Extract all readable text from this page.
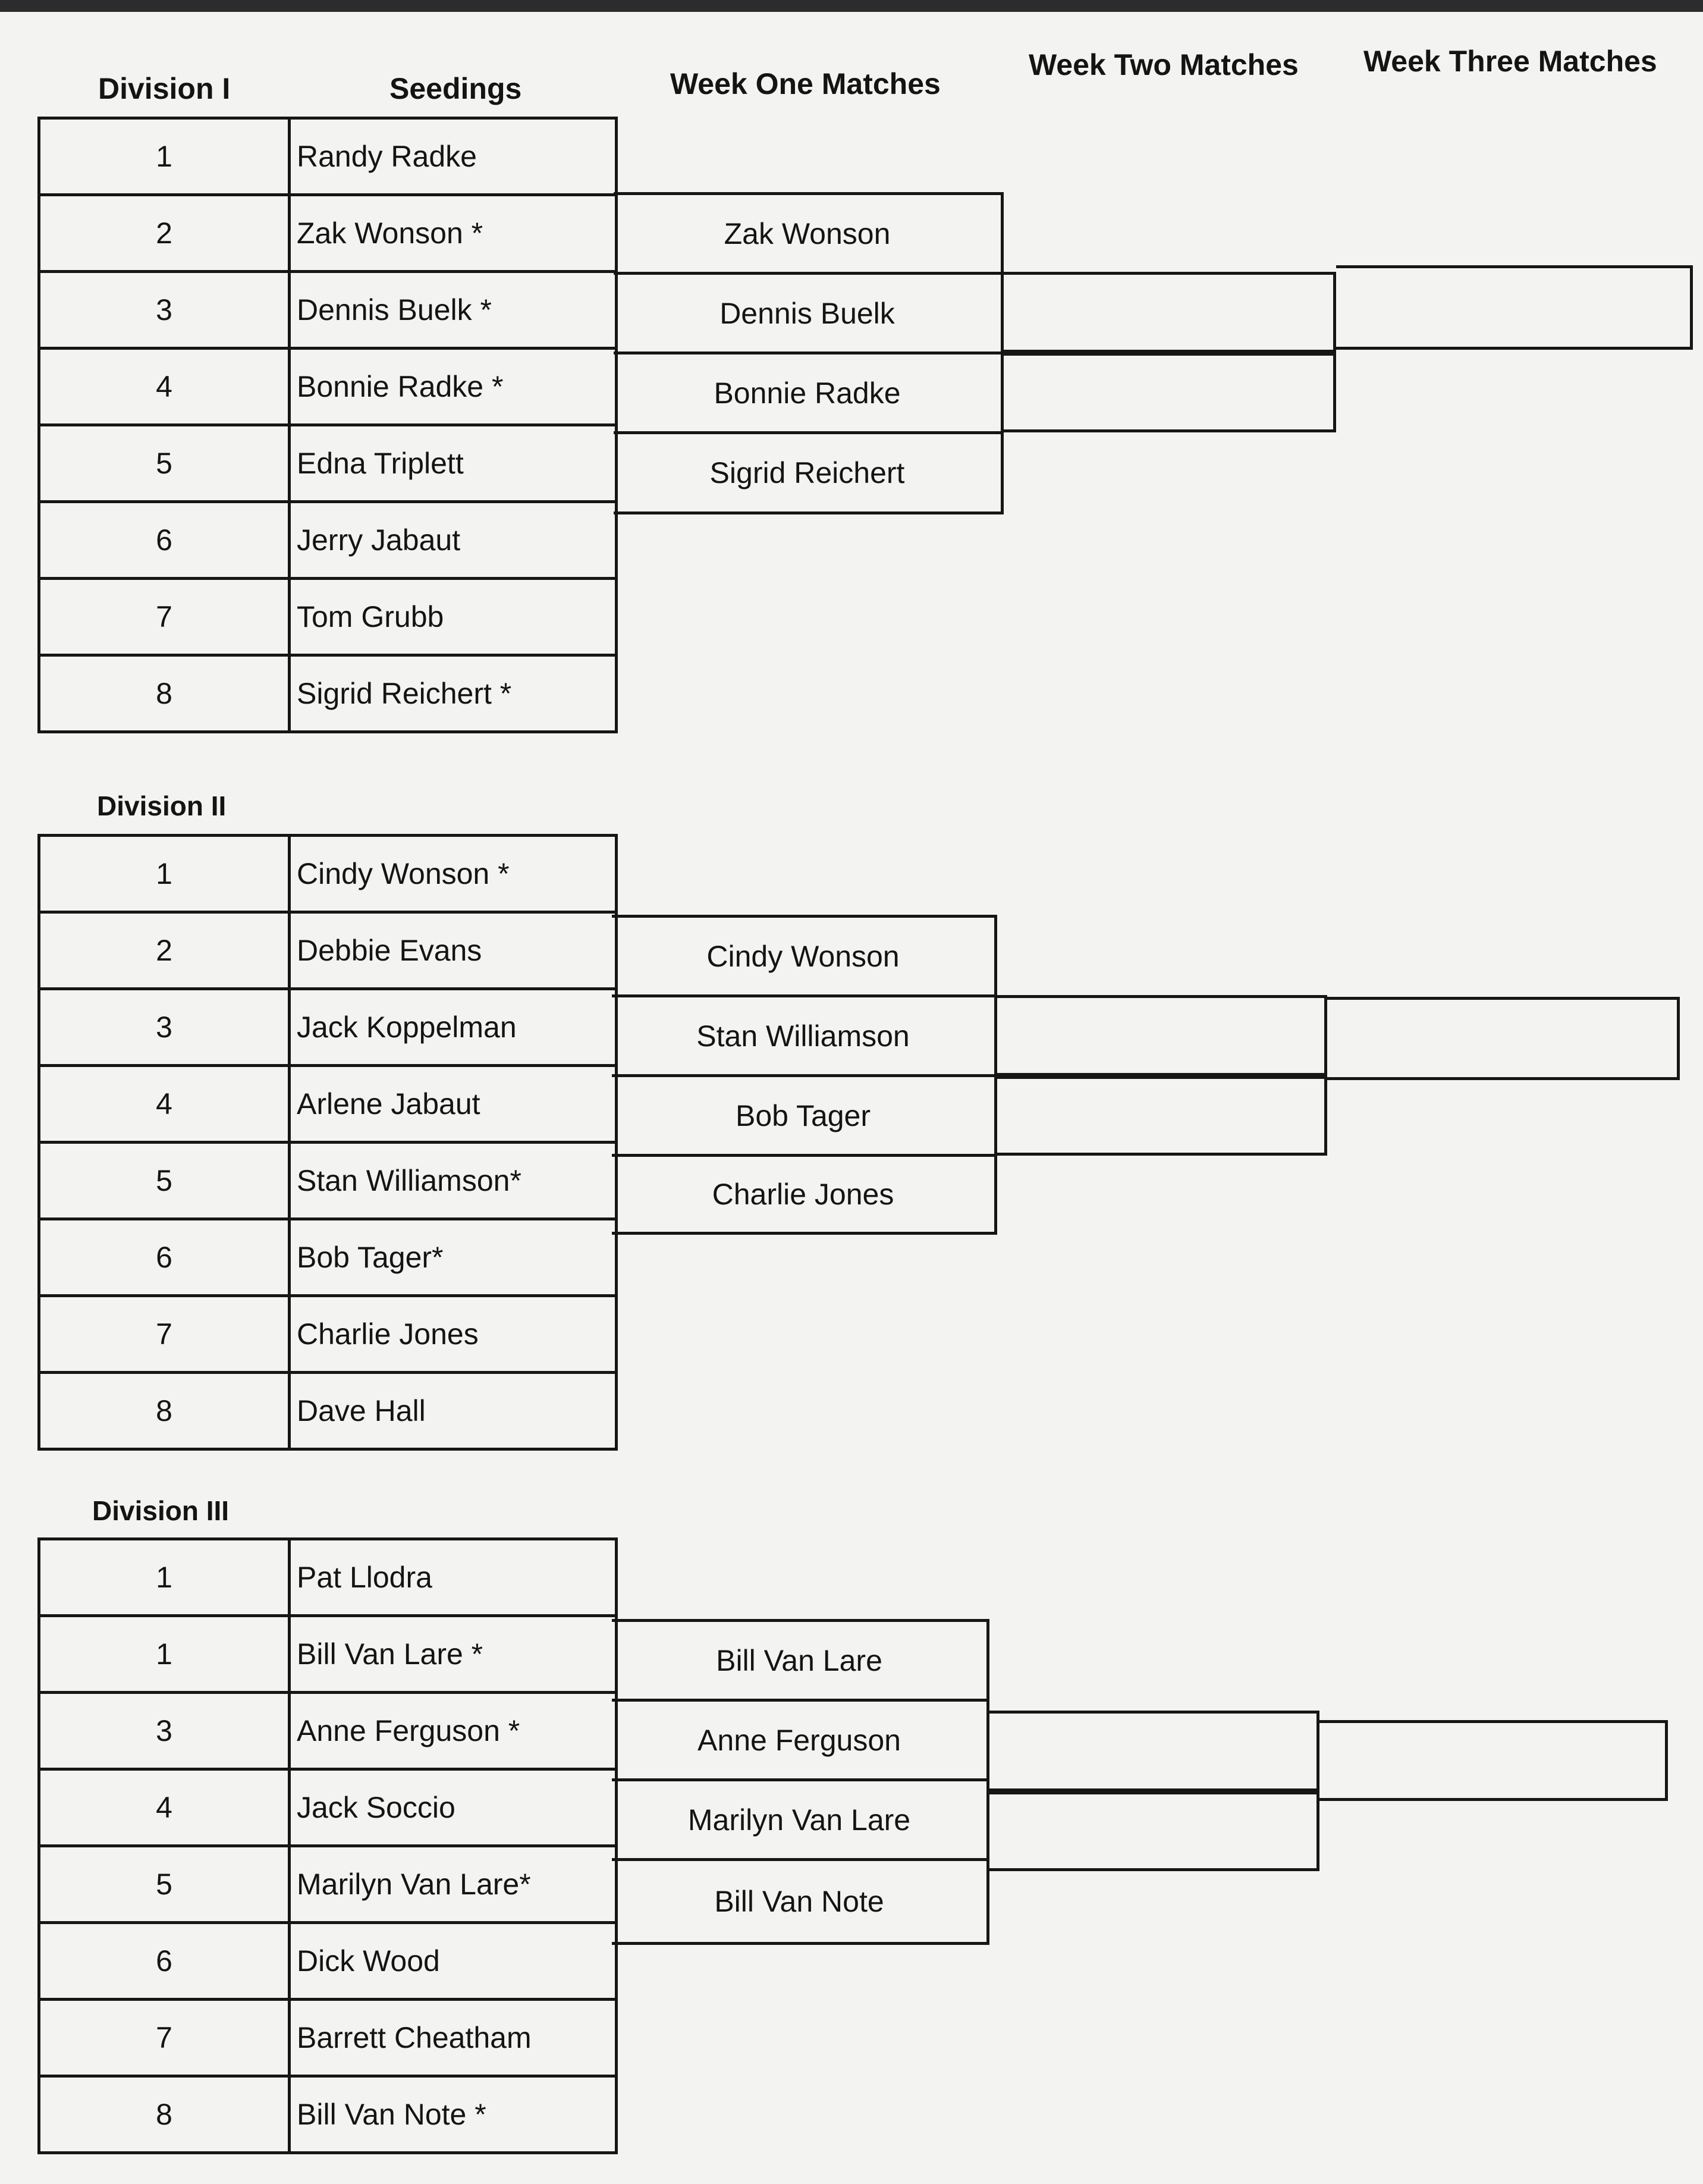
Division I	Seedings	Week One Matches
Week Two Matches Week Three Matches
1	Randy Radke
2	Zak Wonson *
3	Dennis Buelk *
4	Bonnie Radke *
5	Edna Triplett
6	Jerry Jabaut
7	Tom Grubb
8	Sigrid Reichert *
Zak Wonson
Dennis Buelk
Bonnie Radke
Sigrid Reichert
Division II
1	Cindy Wonson *
2	Debbie Evans
3	Jack Koppelman
4	Arlene Jabaut
5	Stan Williamson*
6	Bob Tager*
7	Charlie Jones
8	Dave Hall
Cindy Wonson
Stan Williamson
Bob Tager
Charlie Jones
Division III
1	Pat Llodra
1	Bill Van Lare *
3	Anne Ferguson *
4	Jack Soccio
5	Marilyn Van Lare*
6	Dick Wood
7	Barrett Cheatham
8	Bill Van Note *
Bill Van Lare
Anne Ferguson
Marilyn Van Lare
Bill Van Note
